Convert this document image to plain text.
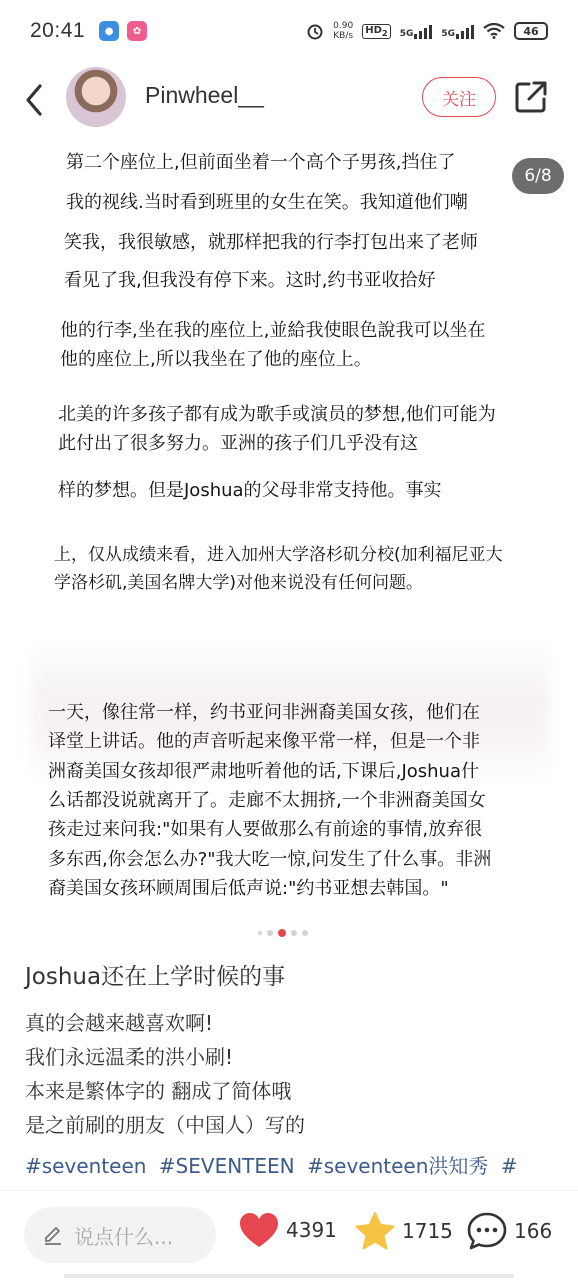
20:41	●	✿	0.90
KB/s
$HD_2$	5G	5G	46
Pinwheel__	关注
第二个座位上,但前面坐着一个高个子男孩,挡住了
我的视线.当时看到班里的女生在笑。我知道他们嘲
笑我，我很敏感，就那样把我的行李打包出来了老师
看见了我,但我没有停下来。这时,约书亚收拾好
他的行李,坐在我的座位上,並給我使眼色說我可以坐在
他的座位上,所以我坐在了他的座位上。
北美的许多孩子都有成为歌手或演员的梦想,他们可能为
此付出了很多努力。亚洲的孩子们几乎没有这
样的梦想。但是Joshua的父母非常支持他。事实
上，仅从成绩来看，进入加州大学洛杉矶分校(加利福尼亚大
学洛杉矶,美国名牌大学)对他来说没有任何问题。
一天，像往常一样，约书亚问非洲裔美国女孩，他们在
译堂上讲话。他的声音听起来像平常一样，但是一个非
洲裔美国女孩却很严肃地听着他的话,下课后,Joshua什
么话都没说就离开了。走廊不太拥挤,一个非洲裔美国女
孩走过来问我:"如果有人要做那么有前途的事情,放弃很
多东西,你会怎么办?"我大吃一惊,问发生了什么事。非洲
裔美国女孩环顾周围后低声说:"约书亚想去韩国。"
6/8
Joshua还在上学时候的事
真的会越来越喜欢啊!
我们永远温柔的洪小刷!
本来是繁体字的 翻成了简体哦
是之前刷的朋友（中国人）写的
#seventeen #SEVENTEEN #seventeen洪知秀 #
说点什么...	4391	1715	166
